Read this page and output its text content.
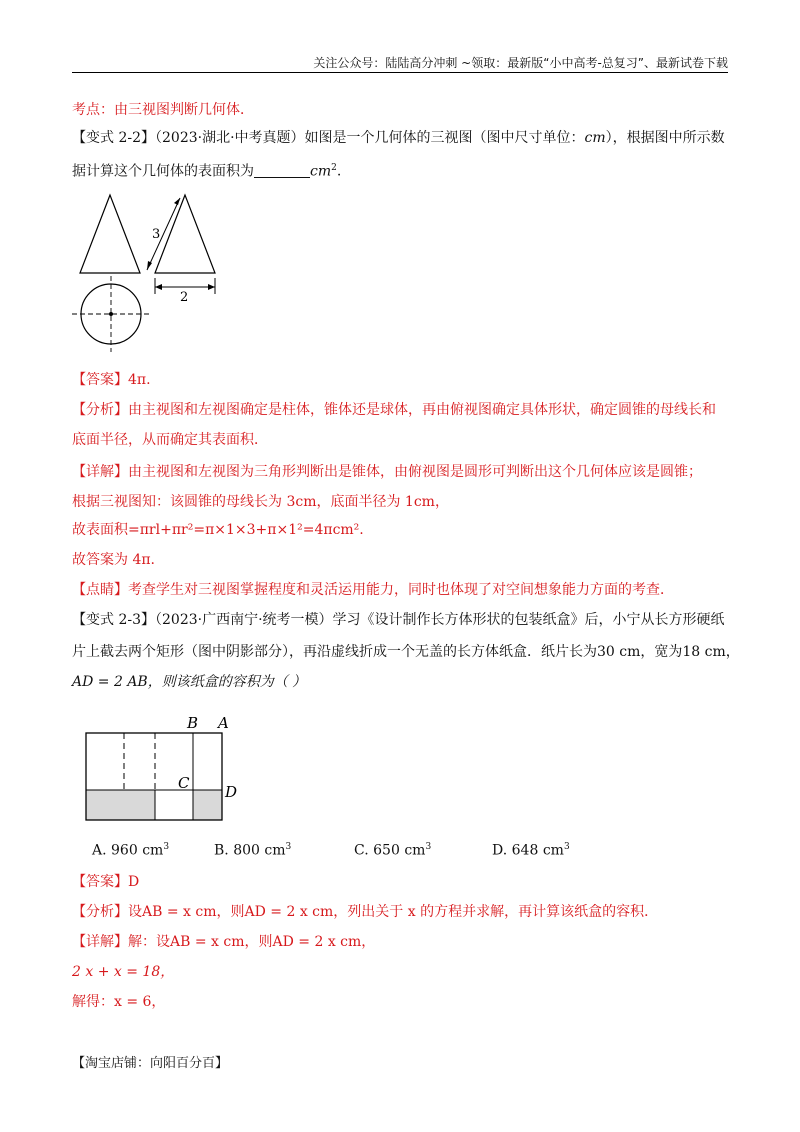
关注公众号：陆陆高分冲刺 ~领取：最新版“小中高考-总复习”、最新试卷下载
考点：由三视图判断几何体．
【变式 2-2】（2023·湖北·中考真题）如图是一个几何体的三视图（图中尺寸单位：cm），根据图中所示数
据计算这个几何体的表面积为	$cm^2$.
3
2
【答案】4π.
【分析】由主视图和左视图确定是柱体，锥体还是球体，再由俯视图确定具体形状，确定圆锥的母线长和
底面半径，从而确定其表面积．
【详解】由主视图和左视图为三角形判断出是锥体，由俯视图是圆形可判断出这个几何体应该是圆锥；
根据三视图知：该圆锥的母线长为 3cm，底面半径为 1cm，
故表面积=πrl+πr²=π×1×3+π×1²=4πcm².
故答案为 4π.
【点睛】考查学生对三视图掌握程度和灵活运用能力，同时也体现了对空间想象能力方面的考查．
【变式 2-3】（2023·广西南宁·统考一模）学习《设计制作长方体形状的包装纸盒》后，小宁从长方形硬纸
片上截去两个矩形（图中阴影部分），再沿虚线折成一个无盖的长方体纸盒．纸片长为30 cm，宽为18 cm，
AD = 2 AB，则该纸盒的容积为（ ）
B A
C D
A. 960 $cm^3$	B. 800 $cm^3$	C. 650 $cm^3$	D. 648 $cm^3$
【答案】D
【分析】设AB = x cm，则AD = 2 x cm，列出关于 x 的方程并求解，再计算该纸盒的容积．
【详解】解：设AB = x cm，则AD = 2 x cm，
2 x + x = 18，
解得：x = 6，
【淘宝店铺：向阳百分百】
